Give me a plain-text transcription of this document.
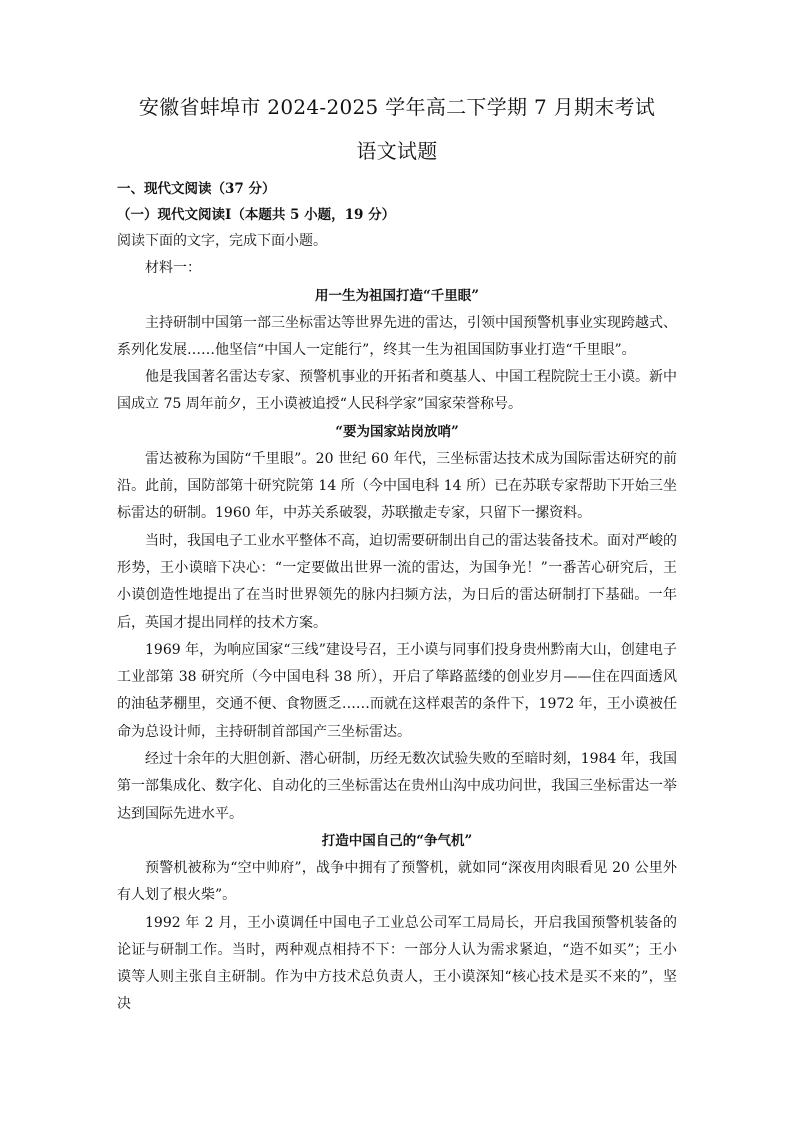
安徽省蚌埠市 2024-2025 学年高二下学期 7 月期末考试
语文试题
一、现代文阅读（37 分）
（一）现代文阅读Ⅰ（本题共 5 小题，19 分）
阅读下面的文字，完成下面小题。
材料一：
用一生为祖国打造“千里眼”

主持研制中国第一部三坐标雷达等世界先进的雷达，引领中国预警机事业实现跨越式、系列化发展……他坚信“中国人一定能行”，终其一生为祖国国防事业打造“千里眼”。

他是我国著名雷达专家、预警机事业的开拓者和奠基人、中国工程院院士王小谟。新中国成立 75 周年前夕，王小谟被追授“人民科学家”国家荣誉称号。

“要为国家站岗放哨”

雷达被称为国防“千里眼”。20 世纪 60 年代，三坐标雷达技术成为国际雷达研究的前沿。此前，国防部第十研究院第 14 所（今中国电科 14 所）已在苏联专家帮助下开始三坐标雷达的研制。1960 年，中苏关系破裂，苏联撤走专家，只留下一摞资料。

当时，我国电子工业水平整体不高，迫切需要研制出自己的雷达装备技术。面对严峻的形势，王小谟暗下决心：“一定要做出世界一流的雷达，为国争光！”一番苦心研究后，王小谟创造性地提出了在当时世界领先的脉内扫频方法，为日后的雷达研制打下基础。一年后，英国才提出同样的技术方案。

1969 年，为响应国家“三线”建设号召，王小谟与同事们投身贵州黔南大山，创建电子工业部第 38 研究所（今中国电科 38 所），开启了筚路蓝缕的创业岁月——住在四面透风的油毡茅棚里，交通不便、食物匮乏……而就在这样艰苦的条件下，1972 年，王小谟被任命为总设计师，主持研制首部国产三坐标雷达。

经过十余年的大胆创新、潜心研制，历经无数次试验失败的至暗时刻，1984 年，我国第一部集成化、数字化、自动化的三坐标雷达在贵州山沟中成功问世，我国三坐标雷达一举达到国际先进水平。

打造中国自己的“争气机”

预警机被称为“空中帅府”，战争中拥有了预警机，就如同“深夜用肉眼看见 20 公里外有人划了根火柴”。

1992 年 2 月，王小谟调任中国电子工业总公司军工局局长，开启我国预警机装备的论证与研制工作。当时，两种观点相持不下：一部分人认为需求紧迫，“造不如买”；王小谟等人则主张自主研制。作为中方技术总负责人，王小谟深知“核心技术是买不来的”，坚决
